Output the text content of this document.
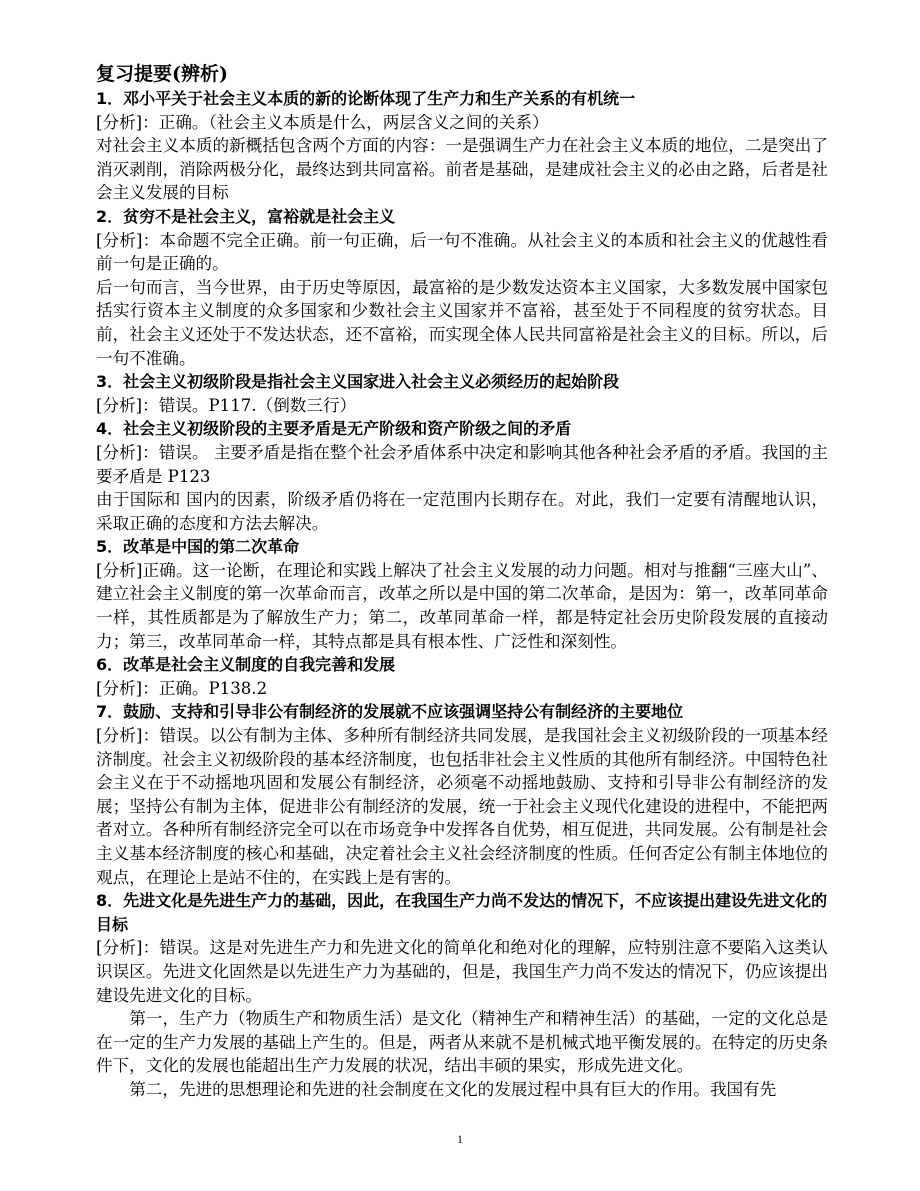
复习提要(辨析)

1．邓小平关于社会主义本质的新的论断体现了生产力和生产关系的有机统一

[分析]：正确。（社会主义本质是什么，两层含义之间的关系）

对社会主义本质的新概括包含两个方面的内容：一是强调生产力在社会主义本质的地位，二是突出了消灭剥削，消除两极分化，最终达到共同富裕。前者是基础，是建成社会主义的必由之路，后者是社会主义发展的目标

2．贫穷不是社会主义，富裕就是社会主义

[分析]：本命题不完全正确。前一句正确，后一句不准确。从社会主义的本质和社会主义的优越性看前一句是正确的。

后一句而言，当今世界，由于历史等原因，最富裕的是少数发达资本主义国家，大多数发展中国家包括实行资本主义制度的众多国家和少数社会主义国家并不富裕，甚至处于不同程度的贫穷状态。目前，社会主义还处于不发达状态，还不富裕，而实现全体人民共同富裕是社会主义的目标。所以，后一句不准确。

3．社会主义初级阶段是指社会主义国家进入社会主义必须经历的起始阶段

[分析]：错误。P117.（倒数三行）

4．社会主义初级阶段的主要矛盾是无产阶级和资产阶级之间的矛盾

[分析]：错误。 主要矛盾是指在整个社会矛盾体系中决定和影响其他各种社会矛盾的矛盾。我国的主要矛盾是 P123

由于国际和 国内的因素，阶级矛盾仍将在一定范围内长期存在。对此，我们一定要有清醒地认识，采取正确的态度和方法去解决。

5．改革是中国的第二次革命

[分析]正确。这一论断，在理论和实践上解决了社会主义发展的动力问题。相对与推翻“三座大山”、建立社会主义制度的第一次革命而言，改革之所以是中国的第二次革命，是因为：第一，改革同革命一样，其性质都是为了解放生产力；第二，改革同革命一样，都是特定社会历史阶段发展的直接动力；第三，改革同革命一样，其特点都是具有根本性、广泛性和深刻性。

6．改革是社会主义制度的自我完善和发展

[分析]：正确。P138.2

7．鼓励、支持和引导非公有制经济的发展就不应该强调坚持公有制经济的主要地位

[分析]：错误。以公有制为主体、多种所有制经济共同发展，是我国社会主义初级阶段的一项基本经济制度。社会主义初级阶段的基本经济制度，也包括非社会主义性质的其他所有制经济。中国特色社会主义在于不动摇地巩固和发展公有制经济，必须毫不动摇地鼓励、支持和引导非公有制经济的发展；坚持公有制为主体，促进非公有制经济的发展，统一于社会主义现代化建设的进程中，不能把两者对立。各种所有制经济完全可以在市场竞争中发挥各自优势，相互促进，共同发展。公有制是社会主义基本经济制度的核心和基础，决定着社会主义社会经济制度的性质。任何否定公有制主体地位的观点，在理论上是站不住的，在实践上是有害的。

8．先进文化是先进生产力的基础，因此，在我国生产力尚不发达的情况下，不应该提出建设先进文化的目标

[分析]：错误。这是对先进生产力和先进文化的简单化和绝对化的理解，应特别注意不要陷入这类认识误区。先进文化固然是以先进生产力为基础的，但是，我国生产力尚不发达的情况下，仍应该提出建设先进文化的目标。

第一，生产力（物质生产和物质生活）是文化（精神生产和精神生活）的基础，一定的文化总是在一定的生产力发展的基础上产生的。但是，两者从来就不是机械式地平衡发展的。在特定的历史条件下，文化的发展也能超出生产力发展的状况，结出丰硕的果实，形成先进文化。

第二，先进的思想理论和先进的社会制度在文化的发展过程中具有巨大的作用。我国有先

1
